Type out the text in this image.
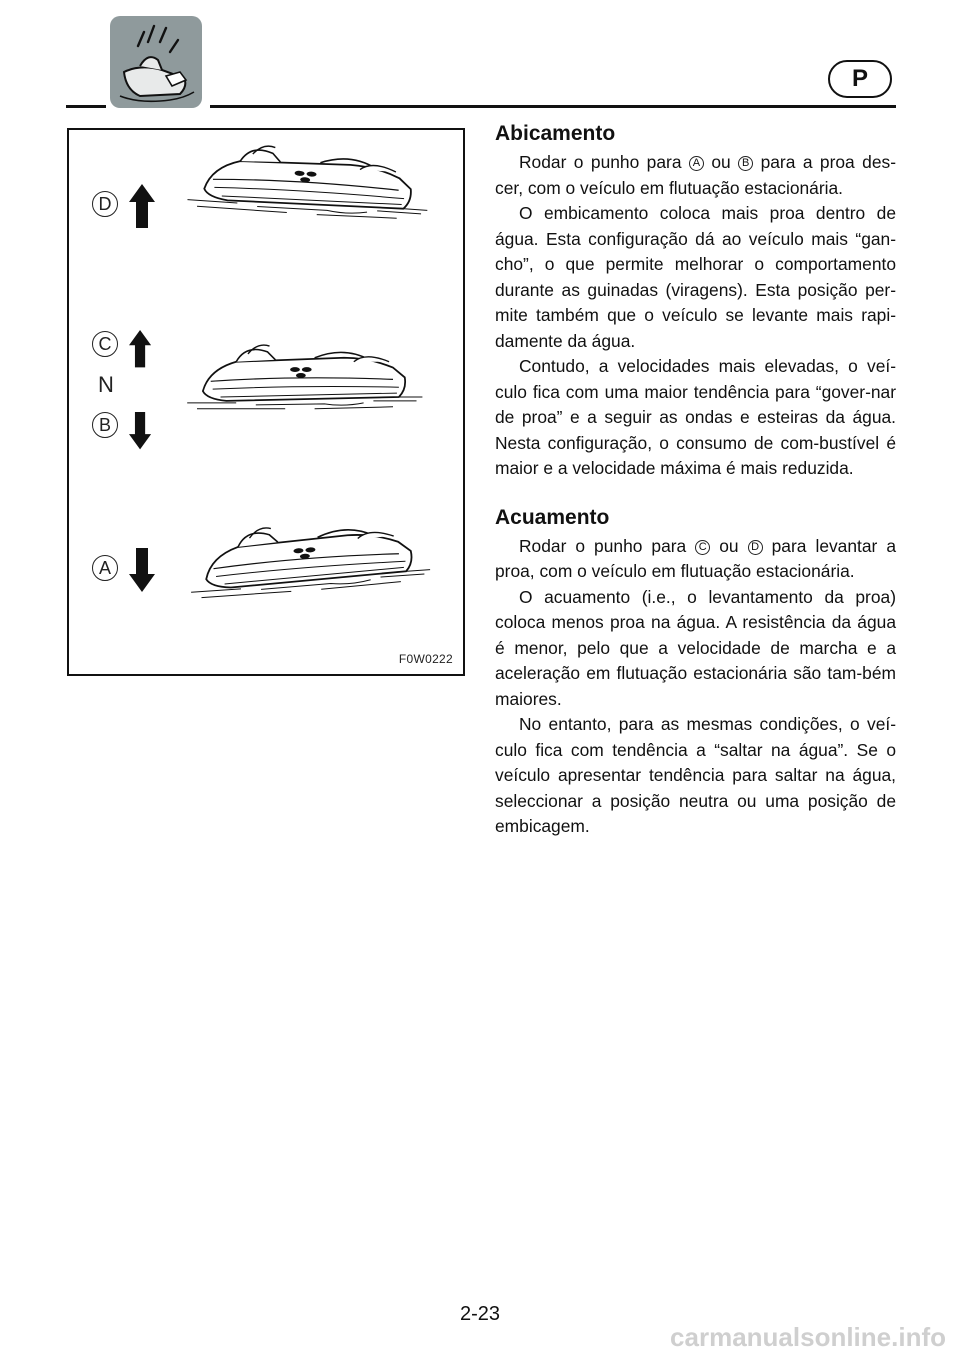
P
D
C
N
B
A
F0W0222
Abicamento

Rodar o punho para A ou B para a proa des-cer, com o veículo em flutuação estacionária.

O embicamento coloca mais proa dentro de água. Esta configuração dá ao veículo mais “gan-cho”, o que permite melhorar o comportamento durante as guinadas (viragens). Esta posição per-mite também que o veículo se levante mais rapi-damente da água.

Contudo, a velocidades mais elevadas, o veí-culo fica com uma maior tendência para “gover-nar de proa” e a seguir as ondas e esteiras da água. Nesta configuração, o consumo de com-bustível é maior e a velocidade máxima é mais reduzida.

Acuamento

Rodar o punho para C ou D para levantar a proa, com o veículo em flutuação estacionária.

O acuamento (i.e., o levantamento da proa) coloca menos proa na água. A resistência da água é menor, pelo que a velocidade de marcha e a aceleração em flutuação estacionária são tam-bém maiores.

No entanto, para as mesmas condições, o veí-culo fica com tendência a “saltar na água”. Se o veículo apresentar tendência para saltar na água, seleccionar a posição neutra ou uma posição de embicagem.

2-23
carmanualsonline.info
